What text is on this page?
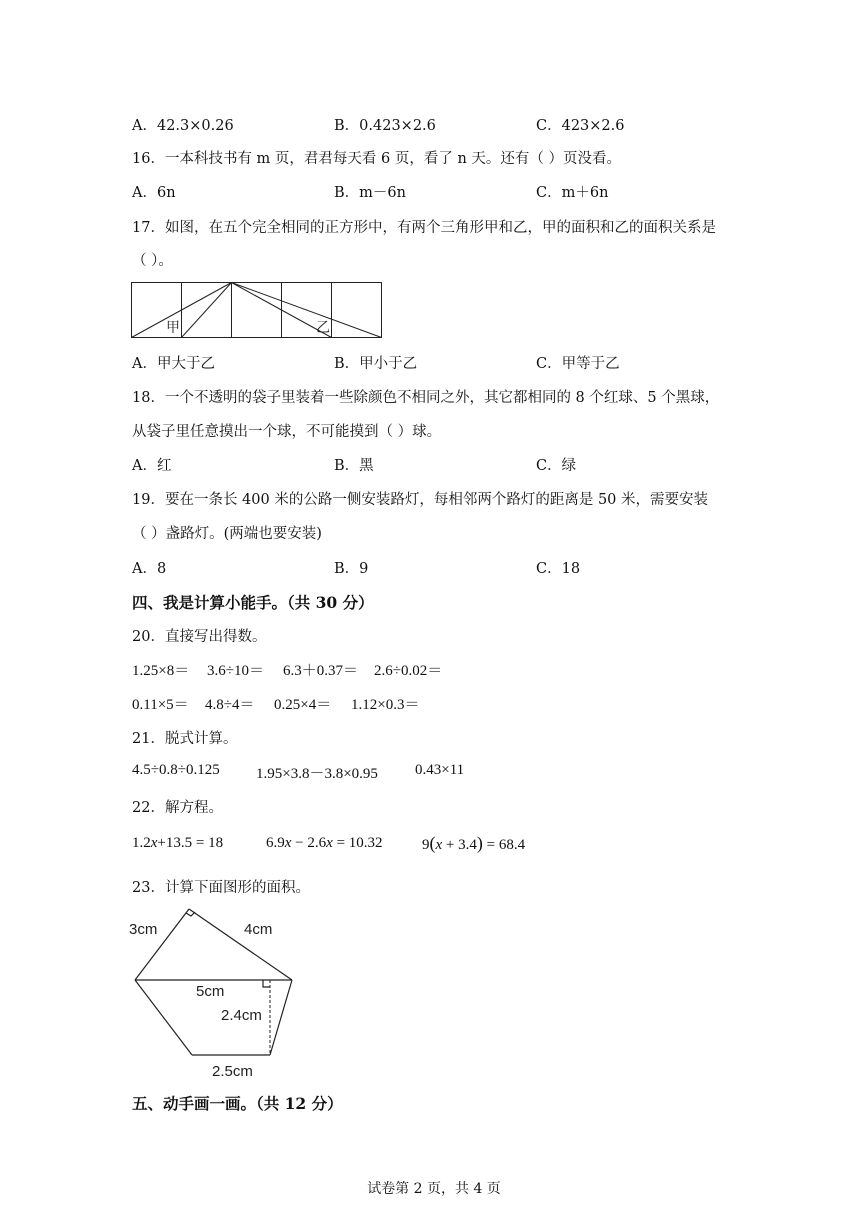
A．42.3×0.26	B．0.423×2.6	C．423×2.6
16．一本科技书有 m 页，君君每天看 6 页，看了 n 天。还有（ ）页没看。
A．6n	B．m－6n	C．m＋6n
17．如图，在五个完全相同的正方形中，有两个三角形甲和乙，甲的面积和乙的面积关系是
（ ）。
甲	乙
A．甲大于乙	B．甲小于乙	C．甲等于乙
18．一个不透明的袋子里装着一些除颜色不相同之外，其它都相同的 8 个红球、5 个黑球，
从袋子里任意摸出一个球，不可能摸到（ ）球。
A．红	B．黑	C．绿
19．要在一条长 400 米的公路一侧安装路灯，每相邻两个路灯的距离是 50 米，需要安装
（ ）盏路灯。(两端也要安装)
A．8	B．9	C．18
四、我是计算小能手。（共 30 分）
20．直接写出得数。
1.25×8＝ 3.6÷10＝ 6.3＋0.37＝ 2.6÷0.02＝
0.11×5＝ 4.8÷4＝ 0.25×4＝ 1.12×0.3＝
21．脱式计算。
4.5÷0.8÷0.125 1.95×3.8－3.8×0.95 0.43×11
22．解方程。
1.2x+13.5 = 18	6.9x − 2.6x = 10.32	9(x + 3.4) = 68.4
23．计算下面图形的面积。
3cm	4cm
5cm
2.4cm
2.5cm
五、动手画一画。（共 12 分）
试卷第 2 页，共 4 页
